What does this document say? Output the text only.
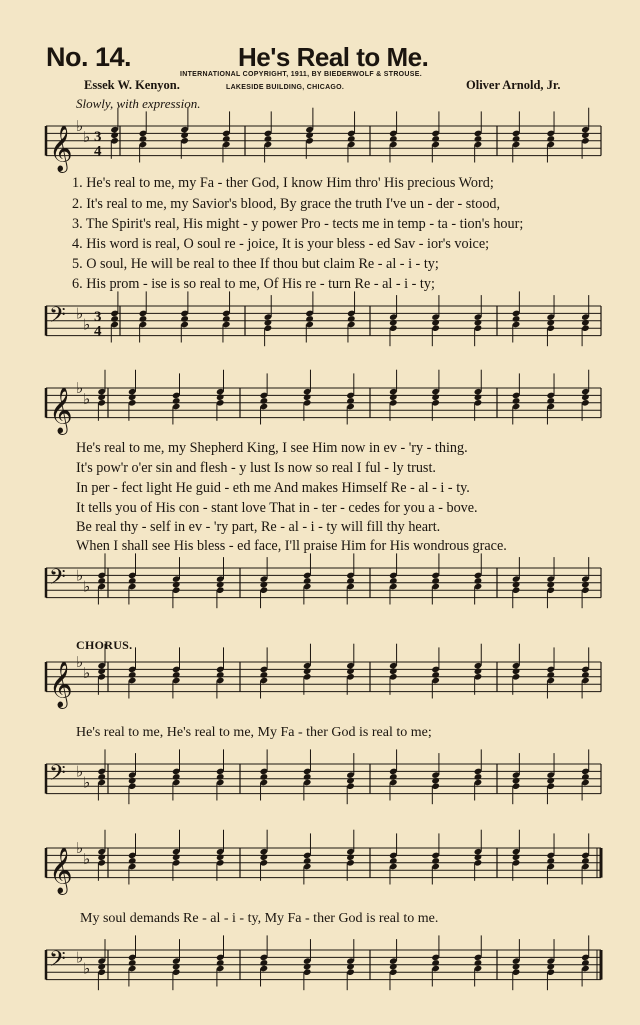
No. 14.	He's Real to Me.
INTERNATIONAL COPYRIGHT, 1911, BY BIEDERWOLF & STROUSE.
LAKESIDE BUILDING, CHICAGO.
Essek W. Kenyon.	Oliver Arnold, Jr.
Slowly, with expression.
𝄞 ♭
♭ 3
4
1. He's real to me, my Fa - ther God, I know Him thro' His precious Word;
2. It's real to me, my Savior's blood, By grace the truth I've un - der - stood,
3. The Spirit's real, His might - y power Pro - tects me in temp - ta - tion's hour;
4. His word is real, O soul re - joice, It is your bless - ed Sav - ior's voice;
5. O soul, He will be real to thee If thou but claim Re - al - i - ty;
6. His prom - ise is so real to me, Of His re - turn Re - al - i - ty;
𝄢 ♭
♭ 3
4
𝄞 ♭
♭
He's real to me, my Shepherd King, I see Him now in ev - 'ry - thing.
It's pow'r o'er sin and flesh - y lust Is now so real I ful - ly trust.
In per - fect light He guid - eth me And makes Himself Re - al - i - ty.
It tells you of His con - stant love That in - ter - cedes for you a - bove.
Be real thy - self in ev - 'ry part, Re - al - i - ty will fill thy heart.
When I shall see His bless - ed face, I'll praise Him for His wondrous grace.
𝄢 ♭
♭
CHORUS.
𝄞 ♭
♭
He's real to me, He's real to me, My Fa - ther God is real to me;
𝄢 ♭
♭
𝄞 ♭
♭
My soul demands Re - al - i - ty, My Fa - ther God is real to me.
𝄢 ♭
♭
